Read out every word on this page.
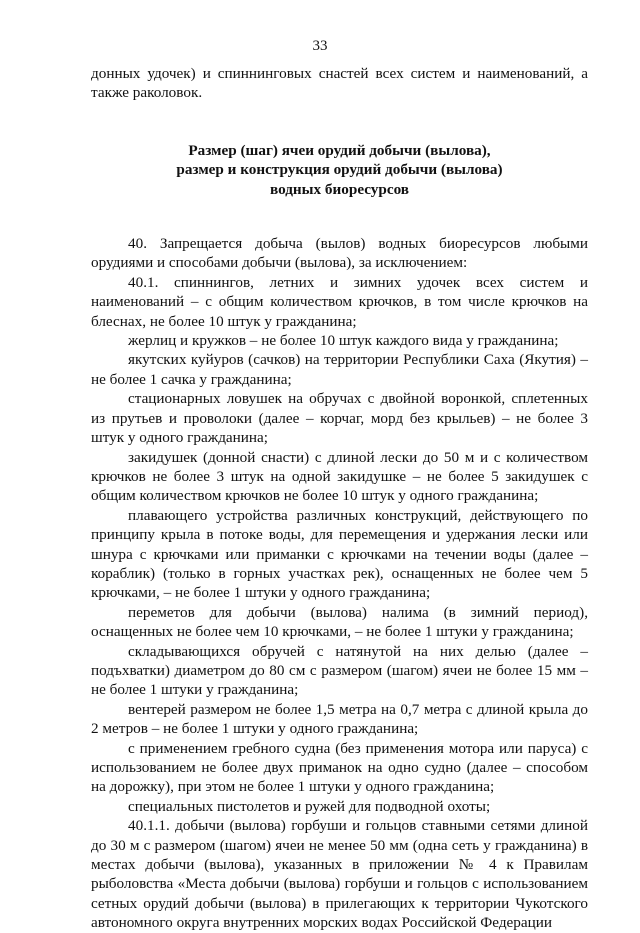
33

донных удочек) и спиннинговых снастей всех систем и наименований, а также раколовок.

Размер (шаг) ячеи орудий добычи (вылова),
размер и конструкция орудий добычи (вылова)
водных биоресурсов

40. Запрещается добыча (вылов) водных биоресурсов любыми орудиями и способами добычи (вылова), за исключением:

40.1. спиннингов, летних и зимних удочек всех систем и наименований – с общим количеством крючков, в том числе крючков на блеснах, не более 10 штук у гражданина;

жерлиц и кружков – не более 10 штук каждого вида у гражданина;

якутских куйуров (сачков) на территории Республики Саха (Якутия) – не более 1 сачка у гражданина;

стационарных ловушек на обручах с двойной воронкой, сплетенных из прутьев и проволоки (далее – корчаг, морд без крыльев) – не более 3 штук у одного гражданина;

закидушек (донной снасти) с длиной лески до 50 м и с количеством крючков не более 3 штук на одной закидушке – не более 5 закидушек с общим количеством крючков не более 10 штук у одного гражданина;

плавающего устройства различных конструкций, действующего по принципу крыла в потоке воды, для перемещения и удержания лески или шнура с крючками или приманки с крючками на течении воды (далее – кораблик) (только в горных участках рек), оснащенных не более чем 5 крючками, – не более 1 штуки у одного гражданина;

переметов для добычи (вылова) налима (в зимний период), оснащенных не более чем 10 крючками, – не более 1 штуки у гражданина;

складывающихся обручей с натянутой на них делью (далее – подъхватки) диаметром до 80 см с размером (шагом) ячеи не более 15 мм – не более 1 штуки у гражданина;

вентерей размером не более 1,5 метра на 0,7 метра с длиной крыла до 2 метров – не более 1 штуки у одного гражданина;

с применением гребного судна (без применения мотора или паруса) с использованием не более двух приманок на одно судно (далее – способом на дорожку), при этом не более 1 штуки у одного гражданина;

специальных пистолетов и ружей для подводной охоты;

40.1.1. добычи (вылова) горбуши и гольцов ставными сетями длиной до 30 м с размером (шагом) ячеи не менее 50 мм (одна сеть у гражданина) в местах добычи (вылова), указанных в приложении № 4 к Правилам рыболовства «Места добычи (вылова) горбуши и гольцов с использованием сетных орудий добычи (вылова) в прилегающих к территории Чукотского автономного округа внутренних морских водах Российской Федерации
